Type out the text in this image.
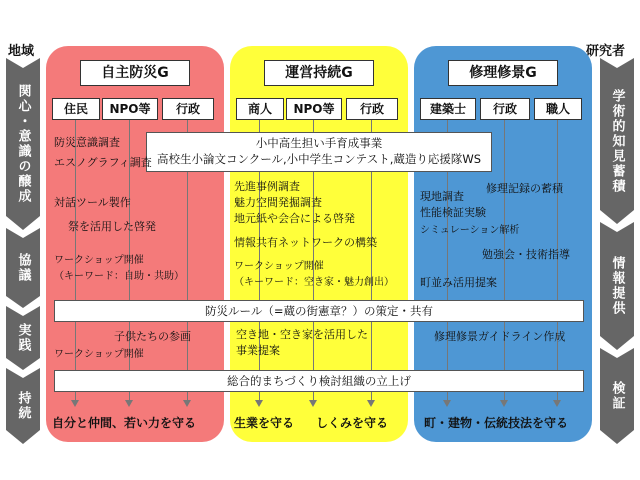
地域	研究者
関心・意識の醸成
協議
実践
持続
学術的知見蓄積
情報提供
検証
自主防災G	運営持続G	修理修景G
住民	NPO等	行政	商人	NPO等	行政	建築士	行政	職人
小中高生担い手育成事業
高校生小論文コンクール,小中学生コンテスト,蔵造り応援隊WS
防災意識調査
エスノグラフィ調査
対話ツール製作
祭を活用した啓発
ワークショップ開催
（キーワード：自助・共助）
子供たちの参画
ワークショップ開催
先進事例調査
魅力空間発掘調査
地元紙や会合による啓発
情報共有ネットワークの構築
ワークショップ開催
（キーワード：空き家・魅力創出）
空き地・空き家を活用した
事業提案
現地調査
修理記録の蓄積
性能検証実験
シミュレーション解析
勉強会・技術指導
町並み活用提案
修理修景ガイドライン作成
防災ルール（=蔵の街憲章？）の策定・共有
総合的まちづくり検討組織の立上げ
自分と仲間、若い力を守る	生業を守る しくみを守る	町・建物・伝統技法を守る
